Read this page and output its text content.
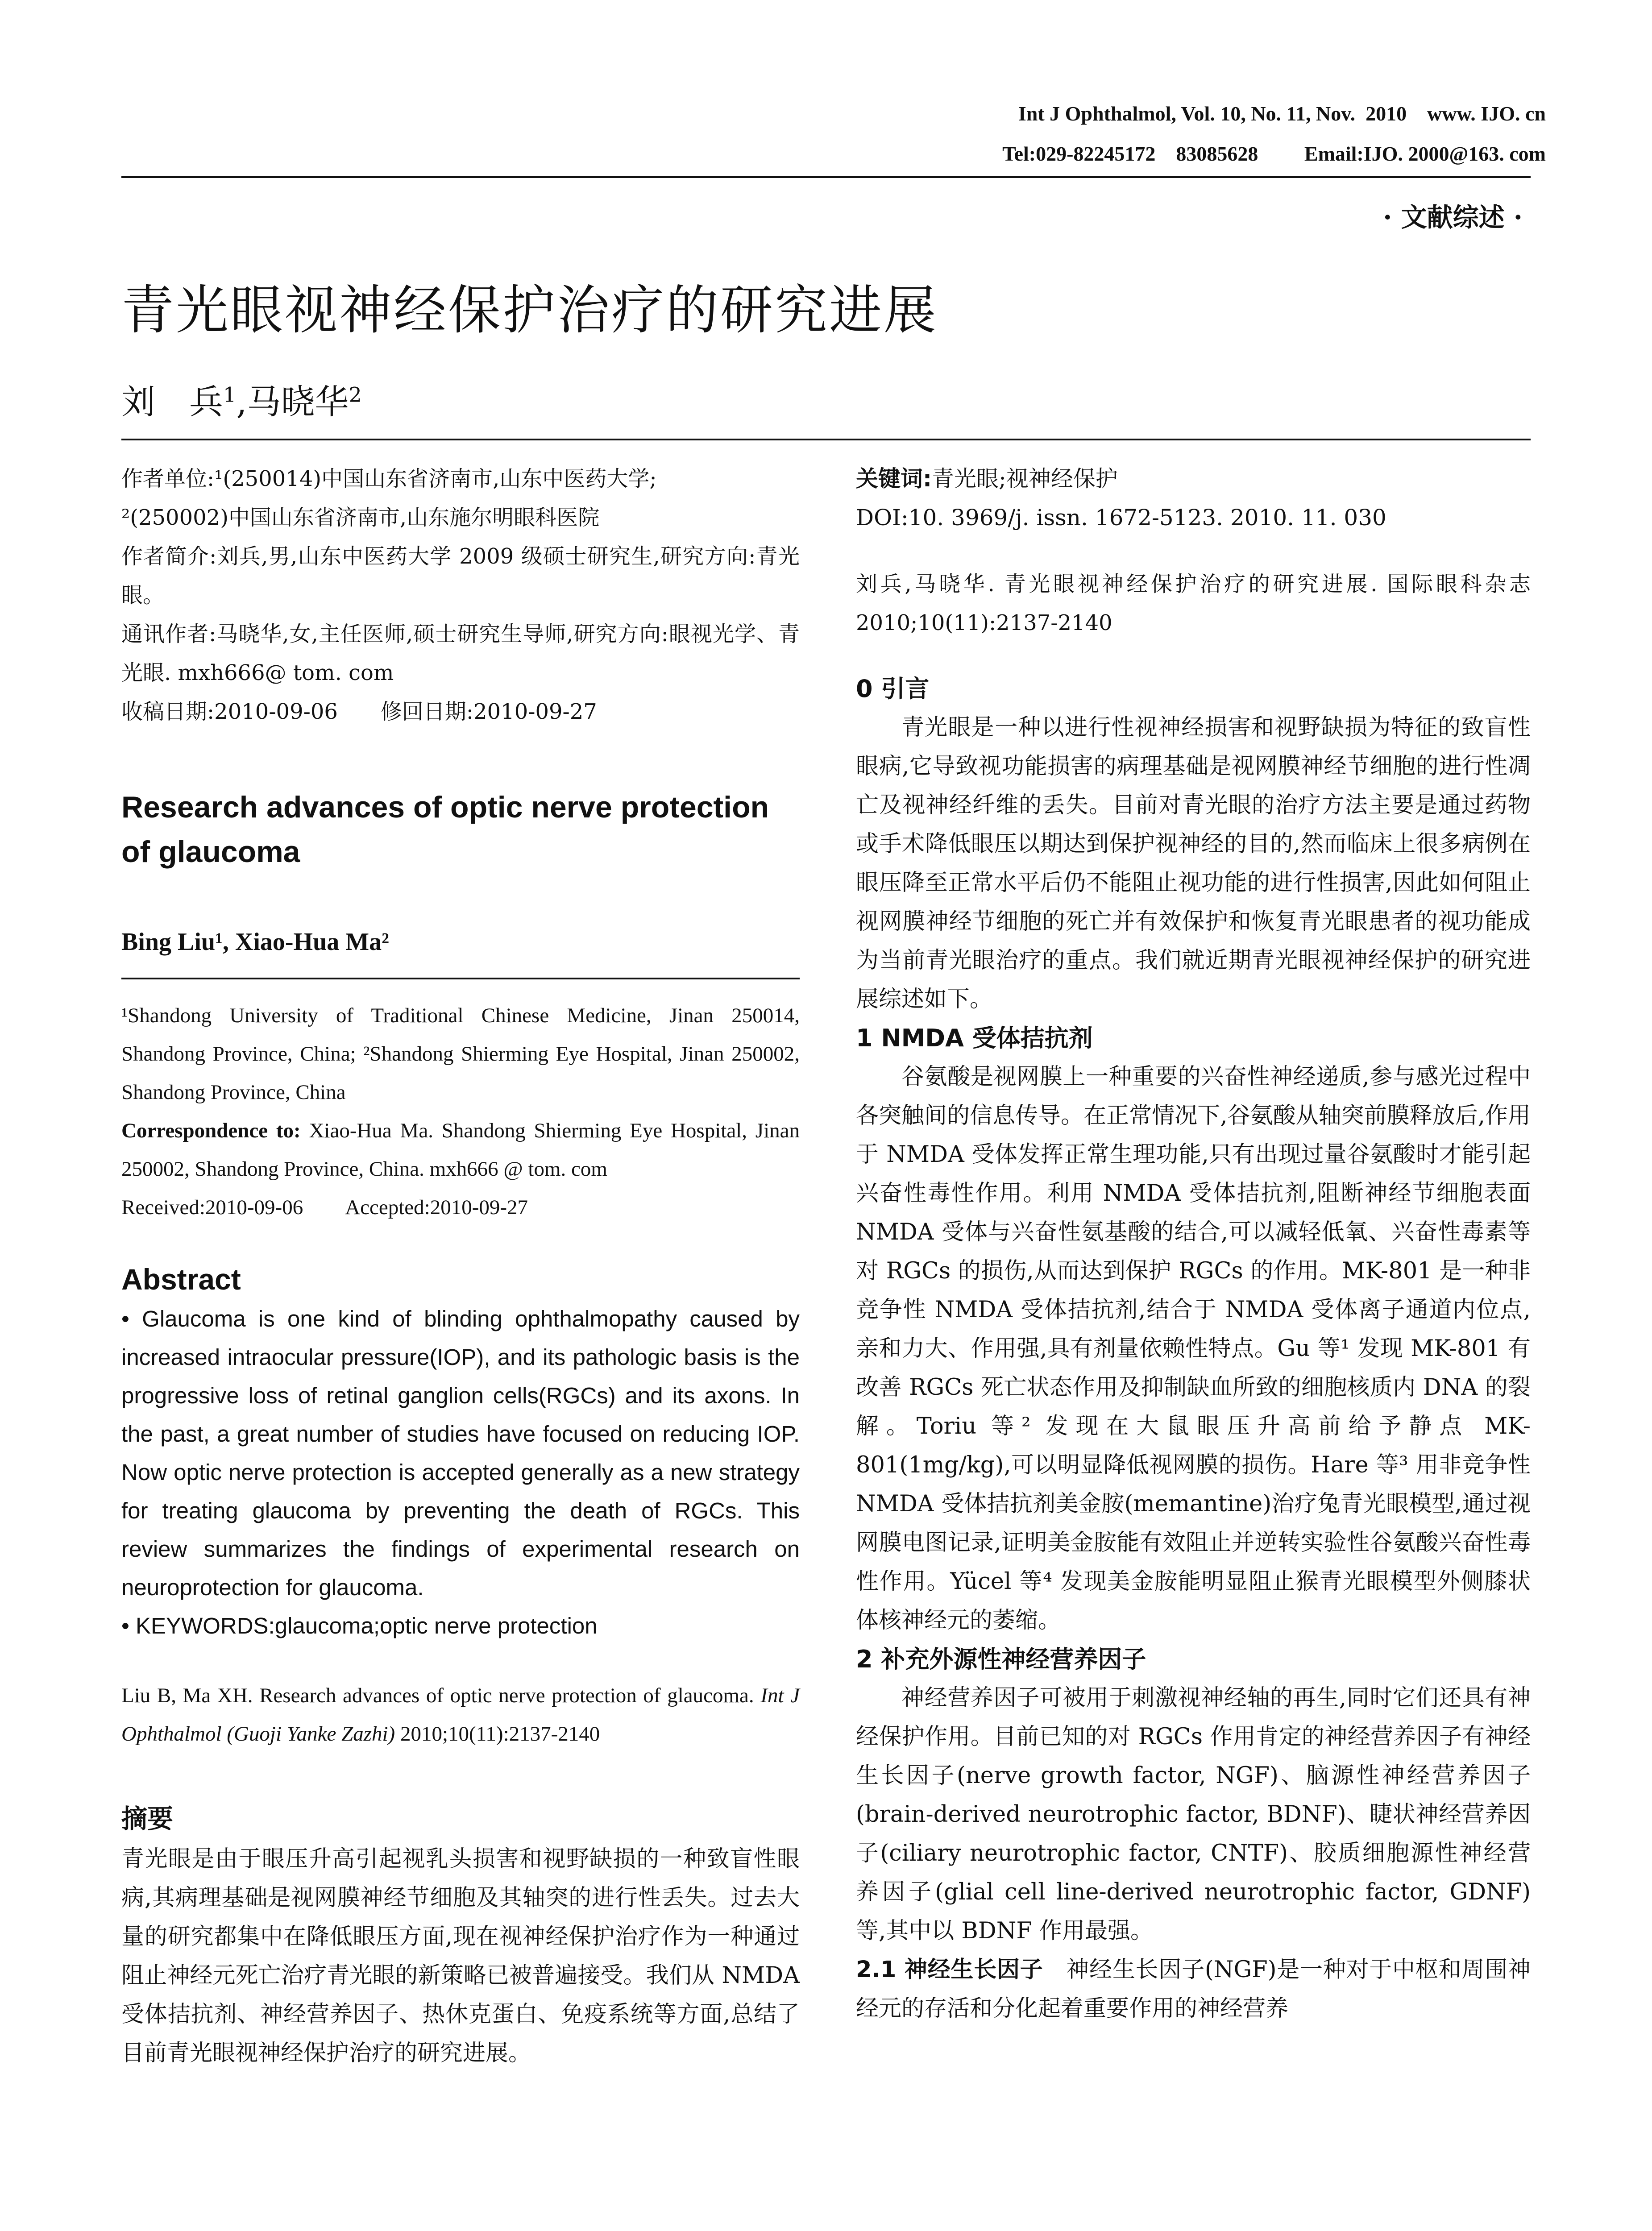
Int J Ophthalmol, Vol. 10, No. 11, Nov.  2010    www. IJO. cn
Tel:029-82245172    83085628         Email:IJO. 2000@163. com
· 文献综述 ·
青光眼视神经保护治疗的研究进展
刘　兵$^1$,马晓华$^2$

作者单位:¹(250014)中国山东省济南市,山东中医药大学;

²(250002)中国山东省济南市,山东施尔明眼科医院

作者简介:刘兵,男,山东中医药大学 2009 级硕士研究生,研究方向:青光眼。

通讯作者:马晓华,女,主任医师,硕士研究生导师,研究方向:眼视光学、青光眼. mxh666@ tom. com

收稿日期:2010-09-06　　修回日期:2010-09-27

Research advances of optic nerve protection of glaucoma

Bing Liu¹, Xiao-Hua Ma²

¹Shandong University of Traditional Chinese Medicine, Jinan 250014, Shandong Province, China; ²Shandong Shierming Eye Hospital, Jinan 250002, Shandong Province, China

Correspondence to: Xiao-Hua Ma. Shandong Shierming Eye Hospital, Jinan 250002, Shandong Province, China. mxh666 @ tom. com

Received:2010-09-06　　Accepted:2010-09-27

Abstract

• Glaucoma is one kind of blinding ophthalmopathy caused by increased intraocular pressure(IOP), and its pathologic basis is the progressive loss of retinal ganglion cells(RGCs) and its axons. In the past, a great number of studies have focused on reducing IOP. Now optic nerve protection is accepted generally as a new strategy for treating glaucoma by preventing the death of RGCs. This review summarizes the findings of experimental research on neuroprotection for glaucoma.

• KEYWORDS:glaucoma;optic nerve protection

Liu B, Ma XH. Research advances of optic nerve protection of glaucoma. Int J Ophthalmol (Guoji Yanke Zazhi) 2010;10(11):2137-2140

摘要

青光眼是由于眼压升高引起视乳头损害和视野缺损的一种致盲性眼病,其病理基础是视网膜神经节细胞及其轴突的进行性丢失。过去大量的研究都集中在降低眼压方面,现在视神经保护治疗作为一种通过阻止神经元死亡治疗青光眼的新策略已被普遍接受。我们从 NMDA 受体拮抗剂、神经营养因子、热休克蛋白、免疫系统等方面,总结了目前青光眼视神经保护治疗的研究进展。

关键词:青光眼;视神经保护

DOI:10. 3969/j. issn. 1672-5123. 2010. 11. 030

刘兵,马晓华. 青光眼视神经保护治疗的研究进展. 国际眼科杂志 2010;10(11):2137-2140

0 引言

青光眼是一种以进行性视神经损害和视野缺损为特征的致盲性眼病,它导致视功能损害的病理基础是视网膜神经节细胞的进行性凋亡及视神经纤维的丢失。目前对青光眼的治疗方法主要是通过药物或手术降低眼压以期达到保护视神经的目的,然而临床上很多病例在眼压降至正常水平后仍不能阻止视功能的进行性损害,因此如何阻止视网膜神经节细胞的死亡并有效保护和恢复青光眼患者的视功能成为当前青光眼治疗的重点。我们就近期青光眼视神经保护的研究进展综述如下。

1 NMDA 受体拮抗剂

谷氨酸是视网膜上一种重要的兴奋性神经递质,参与感光过程中各突触间的信息传导。在正常情况下,谷氨酸从轴突前膜释放后,作用于 NMDA 受体发挥正常生理功能,只有出现过量谷氨酸时才能引起兴奋性毒性作用。利用 NMDA 受体拮抗剂,阻断神经节细胞表面 NMDA 受体与兴奋性氨基酸的结合,可以减轻低氧、兴奋性毒素等对 RGCs 的损伤,从而达到保护 RGCs 的作用。MK-801 是一种非竞争性 NMDA 受体拮抗剂,结合于 NMDA 受体离子通道内位点,亲和力大、作用强,具有剂量依赖性特点。Gu 等¹ 发现 MK-801 有改善 RGCs 死亡状态作用及抑制缺血所致的细胞核质内 DNA 的裂解。Toriu 等² 发现在大鼠眼压升高前给予静点 MK-801(1mg/kg),可以明显降低视网膜的损伤。Hare 等³ 用非竞争性 NMDA 受体拮抗剂美金胺(memantine)治疗兔青光眼模型,通过视网膜电图记录,证明美金胺能有效阻止并逆转实验性谷氨酸兴奋性毒性作用。Yücel 等⁴ 发现美金胺能明显阻止猴青光眼模型外侧膝状体核神经元的萎缩。

2 补充外源性神经营养因子

神经营养因子可被用于刺激视神经轴的再生,同时它们还具有神经保护作用。目前已知的对 RGCs 作用肯定的神经营养因子有神经生长因子(nerve growth factor, NGF)、脑源性神经营养因子(brain-derived neurotrophic factor, BDNF)、睫状神经营养因子(ciliary neurotrophic factor, CNTF)、胶质细胞源性神经营养因子(glial cell line-derived neurotrophic factor, GDNF)等,其中以 BDNF 作用最强。

2.1 神经生长因子　神经生长因子(NGF)是一种对于中枢和周围神经元的存活和分化起着重要作用的神经营养
